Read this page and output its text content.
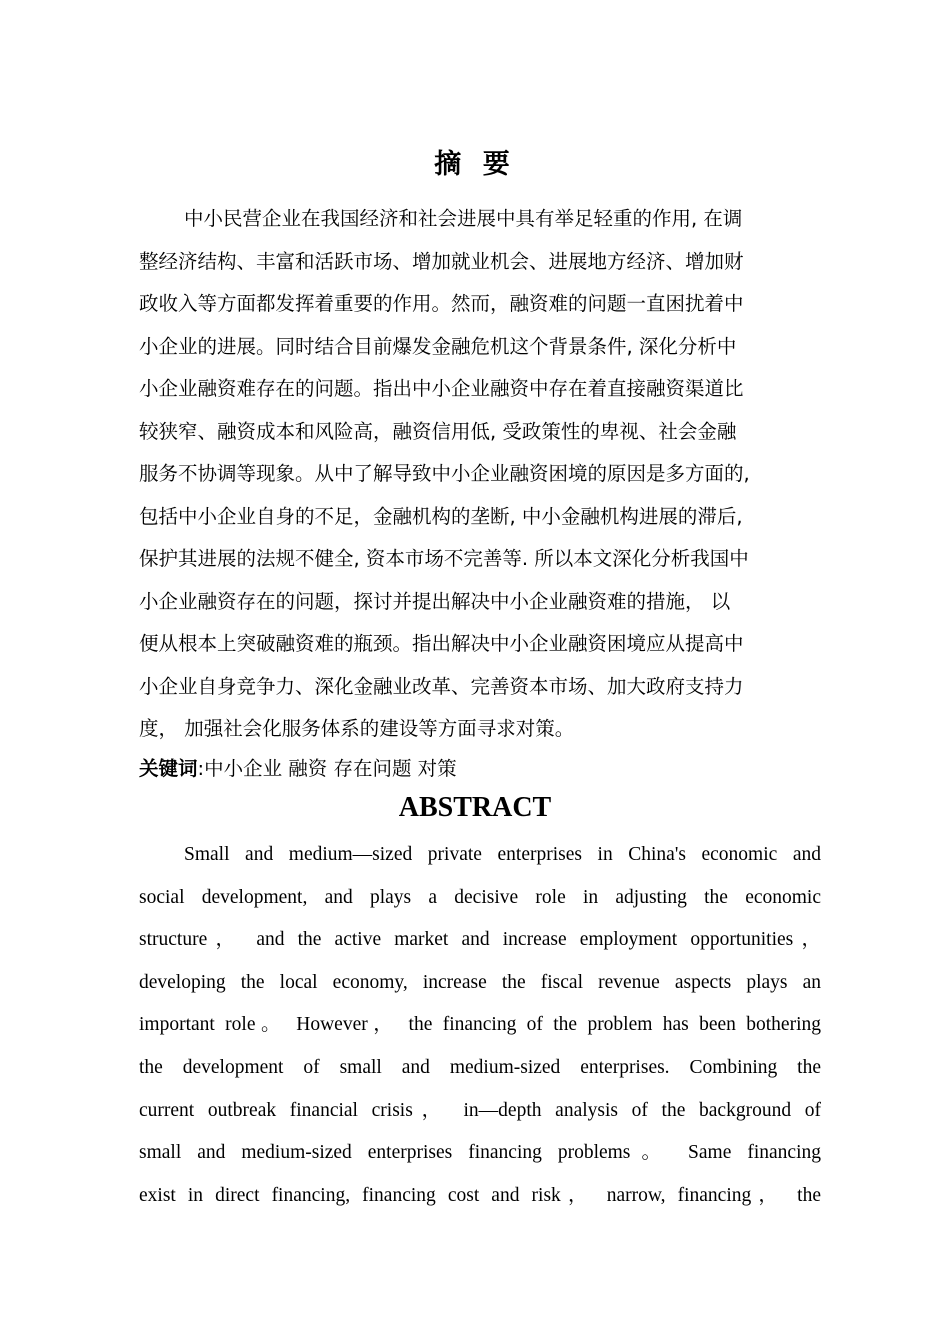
摘 要
中小民营企业在我国经济和社会进展中具有举足轻重的作用, 在调
整经济结构、丰富和活跃市场、增加就业机会、进展地方经济、增加财
政收入等方面都发挥着重要的作用。然而，融资难的问题一直困扰着中
小企业的进展。同时结合目前爆发金融危机这个背景条件, 深化分析中
小企业融资难存在的问题。指出中小企业融资中存在着直接融资渠道比
较狭窄、融资成本和风险高，融资信用低, 受政策性的卑视、社会金融
服务不协调等现象。从中了解导致中小企业融资困境的原因是多方面的,
包括中小企业自身的不足，金融机构的垄断, 中小金融机构进展的滞后,
保护其进展的法规不健全, 资本市场不完善等. 所以本文深化分析我国中
小企业融资存在的问题，探讨并提出解决中小企业融资难的措施， 以
便从根本上突破融资难的瓶颈。指出解决中小企业融资困境应从提高中
小企业自身竞争力、深化金融业改革、完善资本市场、加大政府支持力
度， 加强社会化服务体系的建设等方面寻求对策。
关键词:中小企业 融资 存在问题 对策
ABSTRACT
Small and medium—sized private enterprises in China's economic and
social development, and plays a decisive role in adjusting the economic
structure， and the active market and increase employment opportunities，
developing the local economy, increase the fiscal revenue aspects plays an
important role。 However， the financing of the problem has been bothering
the development of small and medium-sized enterprises. Combining the
current outbreak financial crisis， in—depth analysis of the background of
small and medium-sized enterprises financing problems。 Same financing
exist in direct financing, financing cost and risk， narrow, financing， the
